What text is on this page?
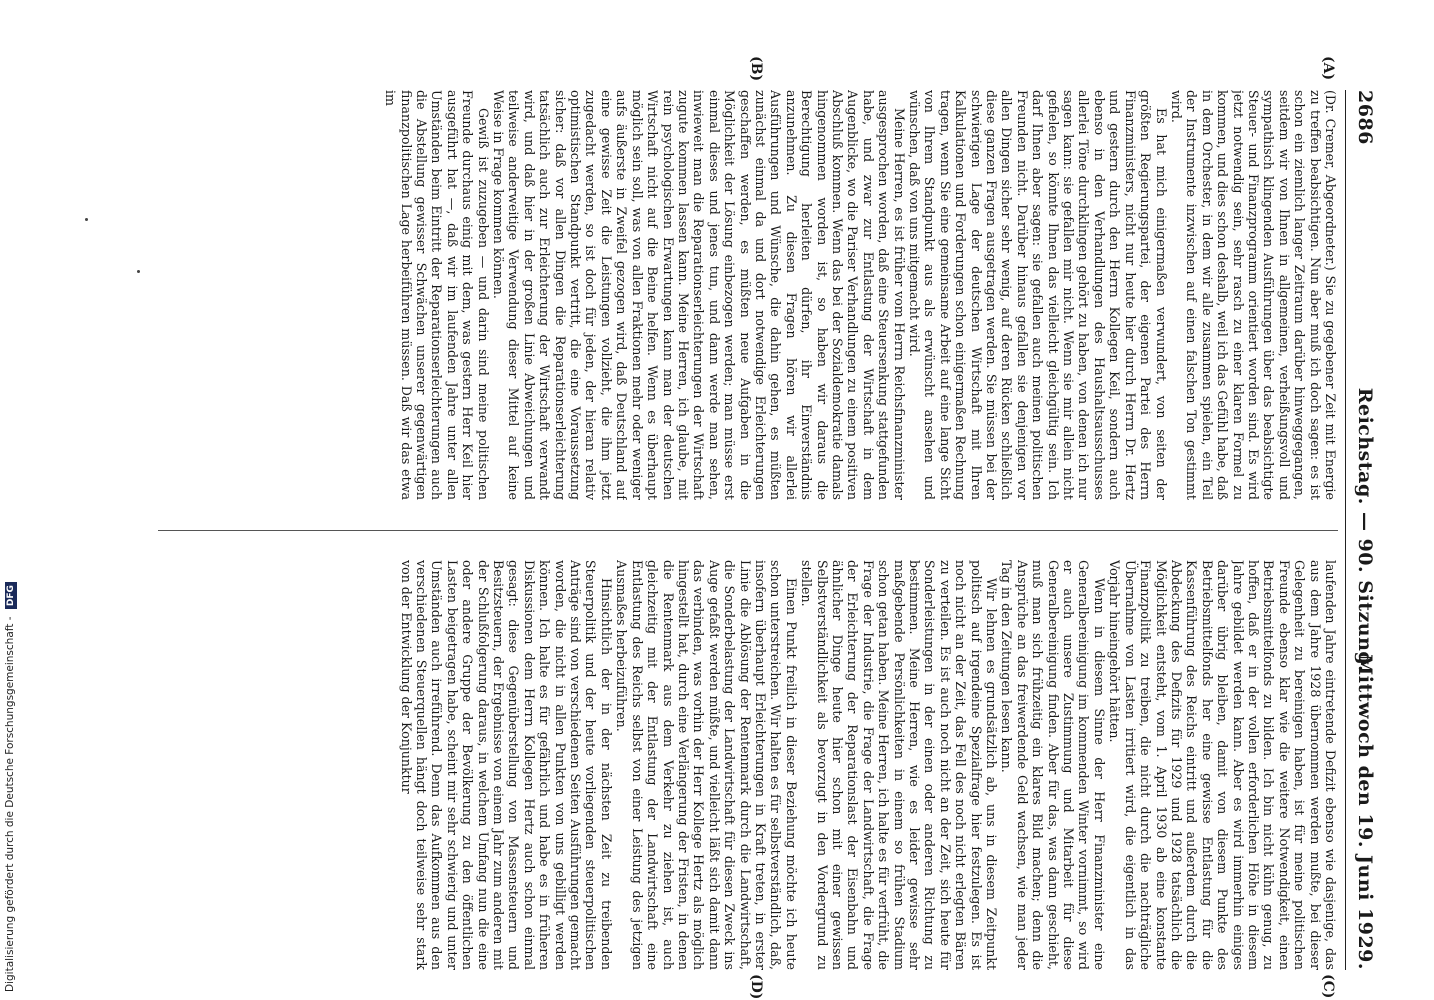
2686
Reichstag. — 90. Sitzung.
Mittwoch den 19. Juni 1929.
(A)
(B)
(C)
(D)

(Dr. Cremer, Abgeordneter.) Sie zu gegebener Zeit mit Energie zu treffen beabsichtigen. Nun aber muß ich doch sagen: es ist schon ein ziemlich langer Zeitraum darüber hinweggegangen, seitdem wir von Ihnen in allgemeinen, verheißungsvoll und sympathisch klingenden Ausführungen über das beabsichtigte Steuer- und Finanzprogramm orientiert worden sind. Es wird jetzt notwendig sein, sehr rasch zu einer klaren Formel zu kommen, und dies schon deshalb, weil ich das Gefühl habe, daß in dem Orchester, in dem wir alle zusammen spielen, ein Teil der Instrumente inzwischen auf einen falschen Ton gestimmt wird.

Es hat mich einigermaßen verwundert, von seiten der größten Regierungspartei, der eigenen Partei des Herrn Finanzministers, nicht nur heute hier durch Herrn Dr. Hertz und gestern durch den Herrn Kollegen Keil, sondern auch ebenso in den Verhandlungen des Haushaltsausschusses allerlei Töne durchklingen gehört zu haben, von denen ich nur sagen kann: sie gefallen mir nicht. Wenn sie mir allein nicht gefielen, so könnte Ihnen das vielleicht gleichgültig sein. Ich darf Ihnen aber sagen: sie gefallen auch meinen politischen Freunden nicht. Darüber hinaus gefallen sie denjenigen vor allen Dingen sicher sehr wenig, auf deren Rücken schließlich diese ganzen Fragen ausgetragen werden. Sie müssen bei der schwierigen Lage der deutschen Wirtschaft mit Ihren Kalkulationen und Forderungen schon einigermaßen Rechnung tragen, wenn Sie eine gemeinsame Arbeit auf eine lange Sicht von Ihrem Standpunkt aus als erwünscht ansehen und wünschen, daß von uns mitgemacht wird.

Meine Herren, es ist früher vom Herrn Reichsfinanzminister ausgesprochen worden, daß eine Steuersenkung stattgefunden habe, und zwar zur Entlastung der Wirtschaft in dem Augenblicke, wo die Pariser Verhandlungen zu einem positiven Abschluß kommen. Wenn das bei der Sozialdemokratie damals hingenommen worden ist, so haben wir daraus die Berechtigung herleiten dürfen, ihr Einverständnis anzunehmen. Zu diesen Fragen hören wir allerlei Ausführungen und Wünsche, die dahin gehen, es müßten zunächst einmal da und dort notwendige Erleichterungen geschaffen werden, es müßten neue Aufgaben in die Möglichkeit der Lösung einbezogen werden; man müsse erst einmal dieses und jenes tun, und dann werde man sehen, inwieweit man die Reparationserleichterungen der Wirtschaft zugute kommen lassen kann. Meine Herren, ich glaube, mit rein psychologischen Erwartungen kann man der deutschen Wirtschaft nicht auf die Beine helfen. Wenn es überhaupt möglich sein soll, was von allen Fraktionen mehr oder weniger aufs äußerste in Zweifel gezogen wird, daß Deutschland auf eine gewisse Zeit die Leistungen vollzieht, die ihm jetzt zugedacht werden, so ist doch für jeden, der hieran relativ optimistischen Standpunkt vertritt, die eine Voraussetzung sicher: daß vor allen Dingen die Reparationserleichterung tatsächlich auch zur Erleichterung der Wirtschaft verwandt wird, und daß hier in der großen Linie Abweichungen und teilweise anderweitige Verwendung dieser Mittel auf keine Weise in Frage kommen können.

Gewiß ist zuzugeben — und darin sind meine politischen Freunde durchaus einig mit dem, was gestern Herr Keil hier ausgeführt hat —, daß wir im laufenden Jahre unter allen Umständen beim Eintritt der Reparationserleichterungen auch die Abstellung gewisser Schwächen unserer gegenwärtigen finanzpolitischen Lage herbeiführen müssen. Daß wir das etwa im

laufenden Jahre eintretende Defizit ebenso wie dasjenige, das aus dem Jahre 1928 übernommen werden mußte, bei dieser Gelegenheit zu bereinigen haben, ist für meine politischen Freunde ebenso klar wie die weitere Notwendigkeit, einen Betriebsmittelfonds zu bilden. Ich bin nicht kühn genug, zu hoffen, daß er in der vollen erforderlichen Höhe in diesem Jahre gebildet werden kann. Aber es wird immerhin einiges darüber übrig bleiben, damit von diesem Punkte des Betriebsmittelfonds her eine gewisse Entlastung für die Kassenführung des Reichs eintritt und außerdem durch die Abdeckung des Defizits für 1929 und 1928 tatsächlich die Möglichkeit entsteht, vom 1. April 1930 ab eine konstante Finanzpolitik zu treiben, die nicht durch die nachträgliche Übernahme von Lasten irritiert wird, die eigentlich in das Vorjahr hineingehört hätten.

Wenn in diesem Sinne der Herr Finanzminister eine Generalbereinigung im kommenden Winter vornimmt, so wird er auch unsere Zustimmung und Mitarbeit für diese Generalbereinigung finden. Aber für das, was dann geschieht, muß man sich frühzeitig ein klares Bild machen; denn die Ansprüche an das freiwerdende Geld wachsen, wie man jeder Tag in den Zeitungen lesen kann.

Wir lehnen es grundsätzlich ab, uns in diesem Zeitpunkt politisch auf irgendeine Spezialfrage hier festzulegen. Es ist noch nicht an der Zeit, das Fell des noch nicht erlegten Bären zu verteilen. Es ist auch noch nicht an der Zeit, sich heute für Sonderleistungen in der einen oder anderen Richtung zu bestimmen. Meine Herren, wie es leider gewisse sehr maßgebende Persönlichkeiten in einem so frühen Stadium schon getan haben. Meine Herren, ich halte es für verfrüht, die Frage der Industrie, die Frage der Landwirtschaft, die Frage der Erleichterung der Reparationslast der Eisenbahn und ähnlicher Dinge heute hier schon mit einer gewissen Selbstverständlichkeit als bevorzugt in den Vordergrund zu stellen.

Einen Punkt freilich in dieser Beziehung möchte ich heute schon unterstreichen. Wir halten es für selbstverständlich, daß, insofern überhaupt Erleichterungen in Kraft treten, in erster Linie die Ablösung der Rentenmark durch die Landwirtschaft, die Sonderbelastung der Landwirtschaft für diesen Zweck ins Auge gefaßt werden müßte, und vielleicht läßt sich damit dann das verbinden, was vorhin der Herr Kollege Hertz als möglich hingestellt hat, durch eine Verlängerung der Fristen, in denen die Rentenmark aus dem Verkehr zu ziehen ist, auch gleichzeitig mit der Entlastung der Landwirtschaft eine Entlastung des Reichs selbst von einer Leistung des jetzigen Ausmaßes herbeizuführen.

Hinsichtlich der in der nächsten Zeit zu treibenden Steuerpolitik und der heute vorliegenden steuerpolitischen Anträge sind von verschiedenen Seiten Ausführungen gemacht worden, die nicht in allen Punkten von uns gebilligt werden können. Ich halte es für gefährlich und habe es in früheren Diskussionen dem Herrn Kollegen Hertz auch schon einmal gesagt: diese Gegenüberstellung von Massensteuern und Besitzsteuern, der Ergebnisse von einem Jahr zum anderen mit der Schlußfolgerung daraus, in welchem Umfang nun die eine oder andere Gruppe der Bevölkerung zu den öffentlichen Lasten beigetragen habe, scheint mir sehr schwierig und unter Umständen auch irreführend. Denn das Aufkommen aus den verschiedenen Steuerquellen hängt doch teilweise sehr stark von der Entwicklung der Konjunktur

Digitalisierung gefördert durch die Deutsche Forschungsgemeinschaft - DFG
